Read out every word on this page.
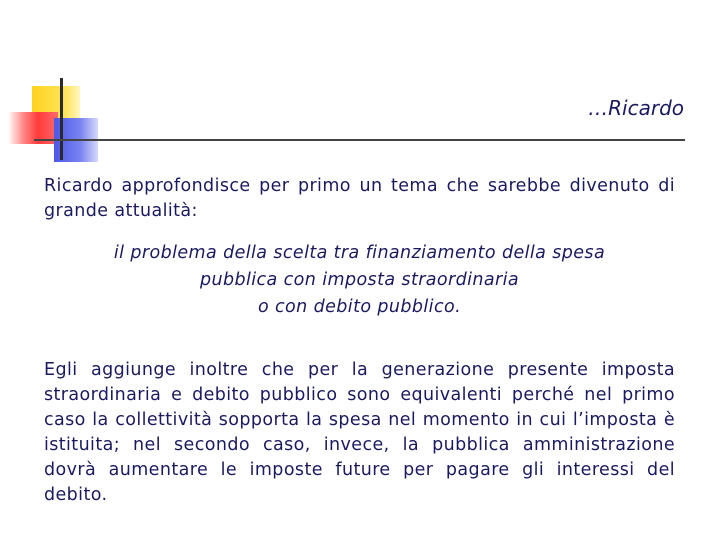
…Ricardo

Ricardo approfondisce per primo un tema che sarebbe divenuto di grande attualità:

il problema della scelta tra finanziamento della spesa
pubblica con imposta straordinaria
o con debito pubblico.

Egli aggiunge inoltre che per la generazione presente imposta straordinaria e debito pubblico sono equivalenti perché nel primo caso la collettività sopporta la spesa nel momento in cui l’imposta è istituita; nel secondo caso, invece, la pubblica amministrazione dovrà aumentare le imposte future per pagare gli interessi del debito.
